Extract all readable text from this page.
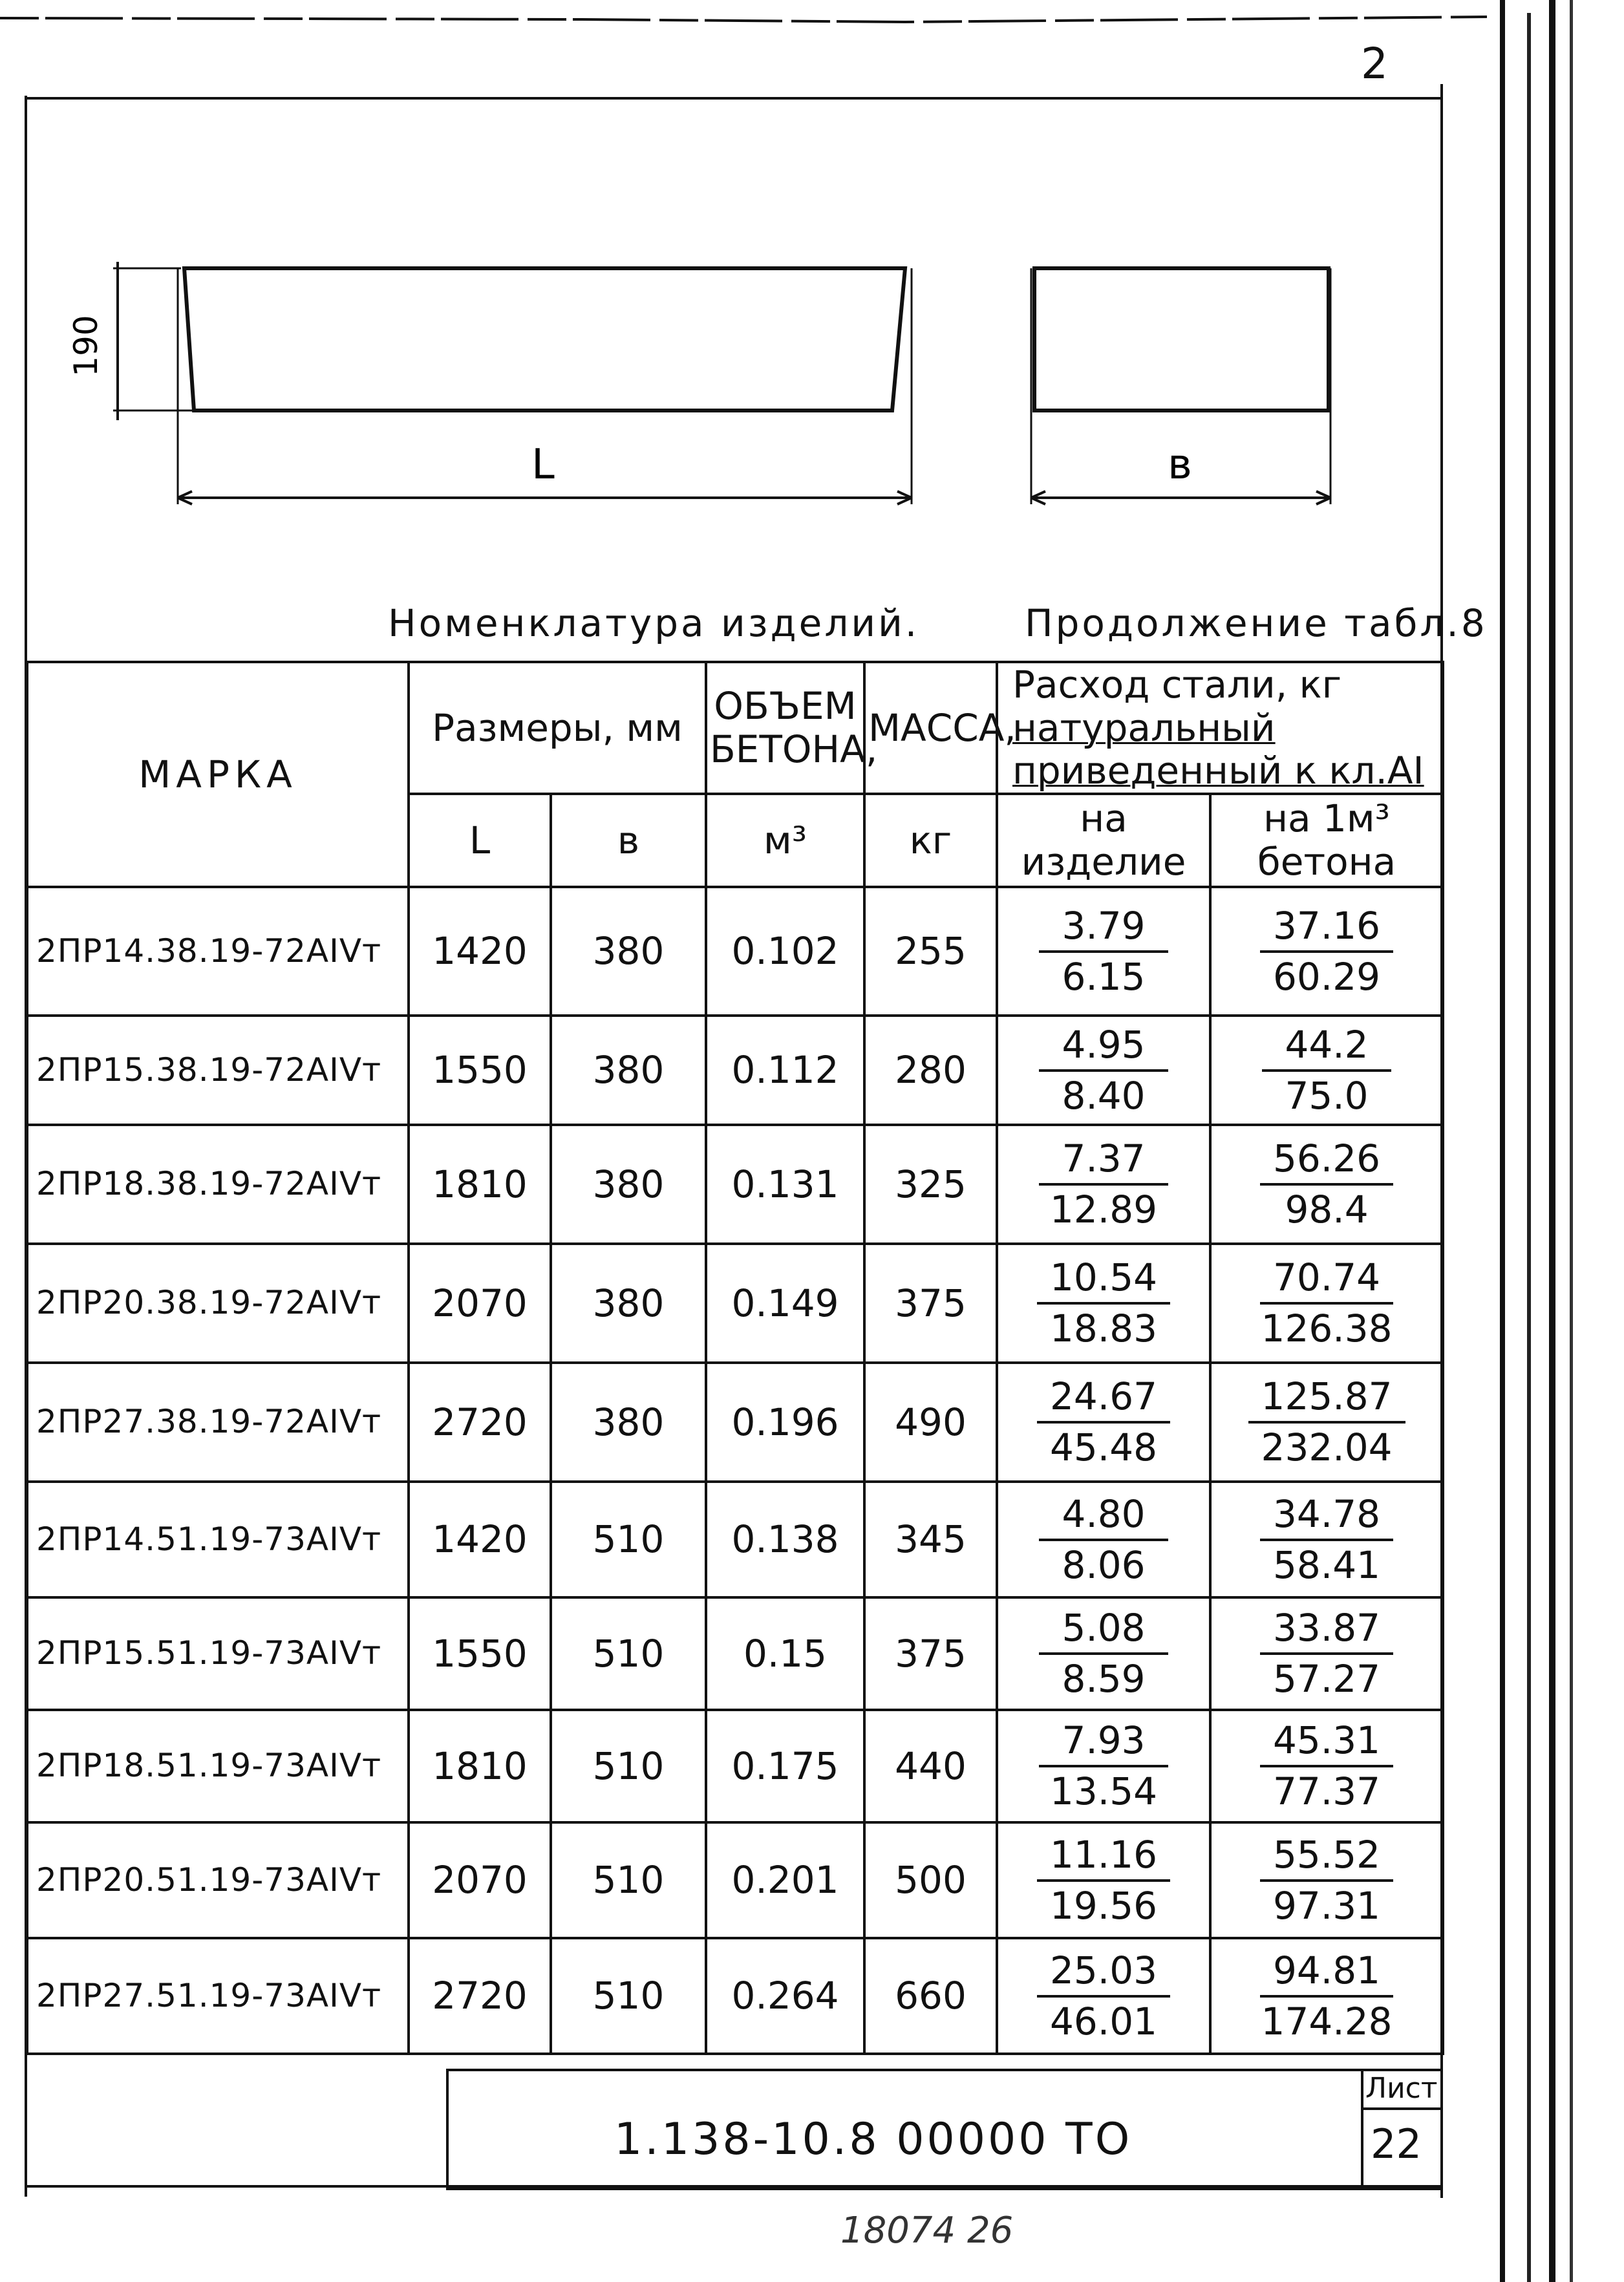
2
190
L	в
Номенклатура изделий.	Продолжение табл.8
МАРКА	Размеры, мм		ОБЪЕМ БЕТОНА,	МАССА,	Расход стали, кг
натуральный
приведенный к кл.АI	

	L	в	м³	кг	на изделие	на 1м³ бетона
2ПР14.38.19-72АIVт	1420	380	0.102	255	$\frac{3.79}{6.15}$	$\frac{37.16}{60.29}$

2ПР15.38.19-72АIVт	1550	380	0.112	280	$\frac{4.95}{8.40}$	$\frac{44.2}{75.0}$

2ПР18.38.19-72АIVт	1810	380	0.131	325	$\frac{7.37}{12.89}$	$\frac{56.26}{98.4}$

2ПР20.38.19-72АIVт	2070	380	0.149	375	$\frac{10.54}{18.83}$	$\frac{70.74}{126.38}$

2ПР27.38.19-72АIVт	2720	380	0.196	490	$\frac{24.67}{45.48}$	$\frac{125.87}{232.04}$

2ПР14.51.19-73АIVт	1420	510	0.138	345	$\frac{4.80}{8.06}$	$\frac{34.78}{58.41}$

2ПР15.51.19-73АIVт	1550	510	0.15	375	$\frac{5.08}{8.59}$	$\frac{33.87}{57.27}$

2ПР18.51.19-73АIVт	1810	510	0.175	440	$\frac{7.93}{13.54}$	$\frac{45.31}{77.37}$

2ПР20.51.19-73АIVт	2070	510	0.201	500	$\frac{11.16}{19.56}$	$\frac{55.52}{97.31}$

2ПР27.51.19-73АIVт	2720	510	0.264	660	$\frac{25.03}{46.01}$	$\frac{94.81}{174.28}$
1.138-10.8 00000 ТО
Лист
22
18074 26
